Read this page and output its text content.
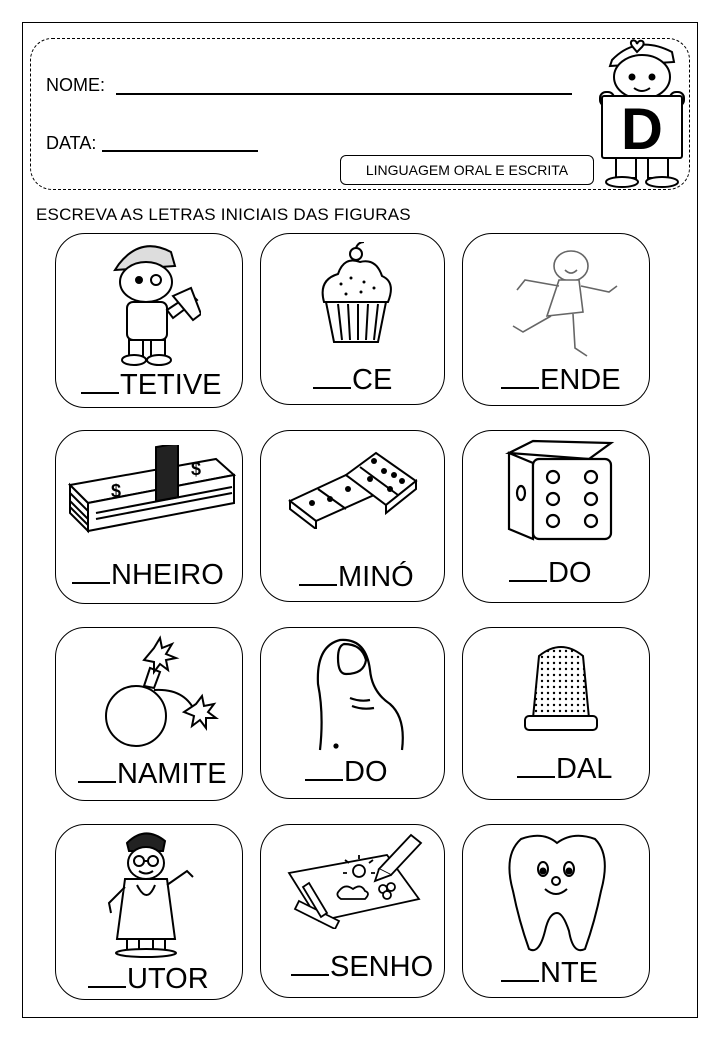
NOME:
DATA:
LINGUAGEM ORAL E ESCRITA
D
ESCREVA AS LETRAS INICIAIS DAS FIGURAS
TETIVE	CE	ENDE
$
$
NHEIRO	MINÓ	DO
NAMITE	DO	DAL
UTOR	SENHO	NTE
